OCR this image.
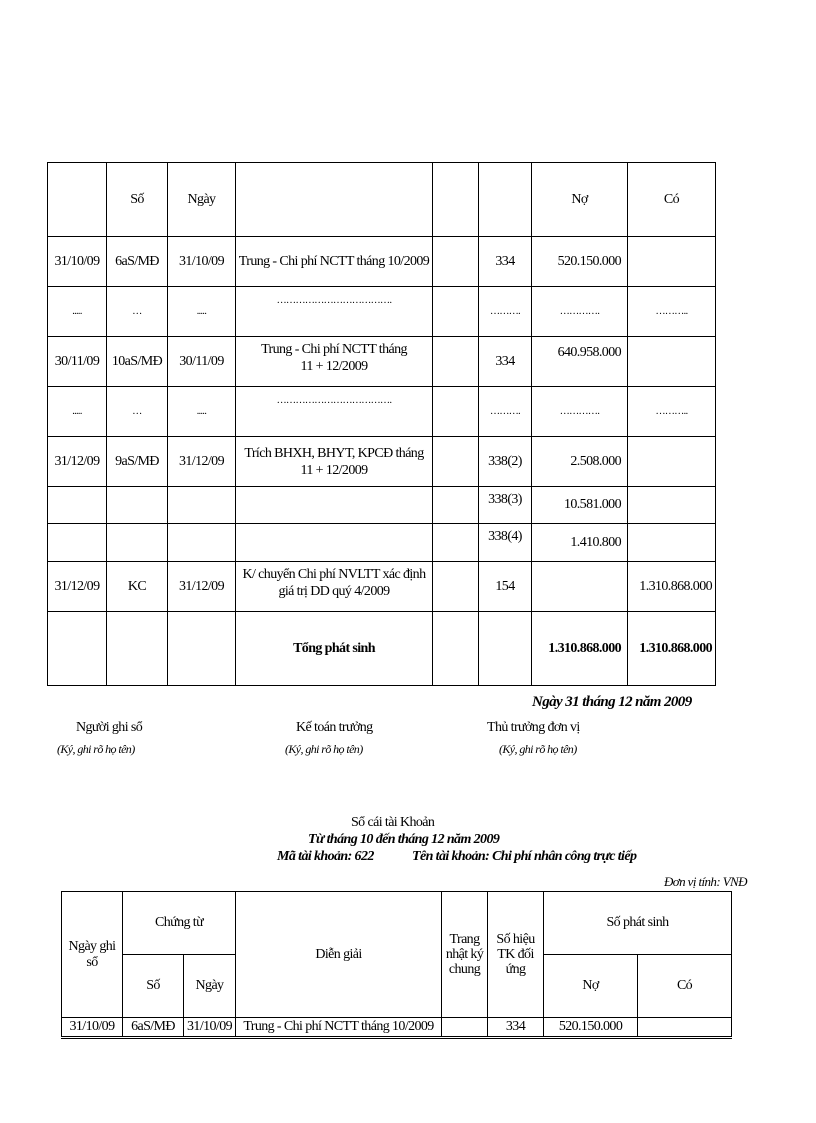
	Số	Ngày				Nợ	Có
31/10/09	6aS/MĐ	31/10/09	Trung - Chi phí NCTT tháng 10/2009		334	520.150.000	
.....	…	.....	……………………………….		……….	………….	………..
30/11/09	10aS/MĐ	30/11/09	Trung - Chi phí NCTT tháng 11 + 12/2009		334	640.958.000	
.....	…	.....	……………………………….		……….	………….	………..
31/12/09	9aS/MĐ	31/12/09	Trích BHXH, BHYT, KPCĐ tháng 11 + 12/2009		338(2)	2.508.000	
					338(3)	10.581.000	
					338(4)	1.410.800	
31/12/09	KC	31/12/09	K/ chuyển Chi phí NVLTT xác định giá trị DD quý 4/2009		154		1.310.868.000
			Tổng phát sinh			1.310.868.000	1.310.868.000
Ngày 31 tháng 12 năm 2009
Người ghi sổ	Kế toán trưởng	Thủ trưởng đơn vị
(Ký, ghi rõ họ tên)	(Ký, ghi rõ họ tên)	(Ký, ghi rõ họ tên)
Sổ cái tài Khoản
Từ tháng 10 đến tháng 12 năm 2009
Mã tài khoản: 622	Tên tài khoản: Chi phí nhân công trực tiếp
Đơn vị tính: VNĐ
Ngày ghi sổ	Chứng từ		Diễn giải	Trang nhật ký chung	Số hiệu TK đối ứng	Số phát sinh	
	Số	Ngày				Nợ	Có
31/10/09	6aS/MĐ	31/10/09	Trung - Chi phí NCTT tháng 10/2009		334	520.150.000	
